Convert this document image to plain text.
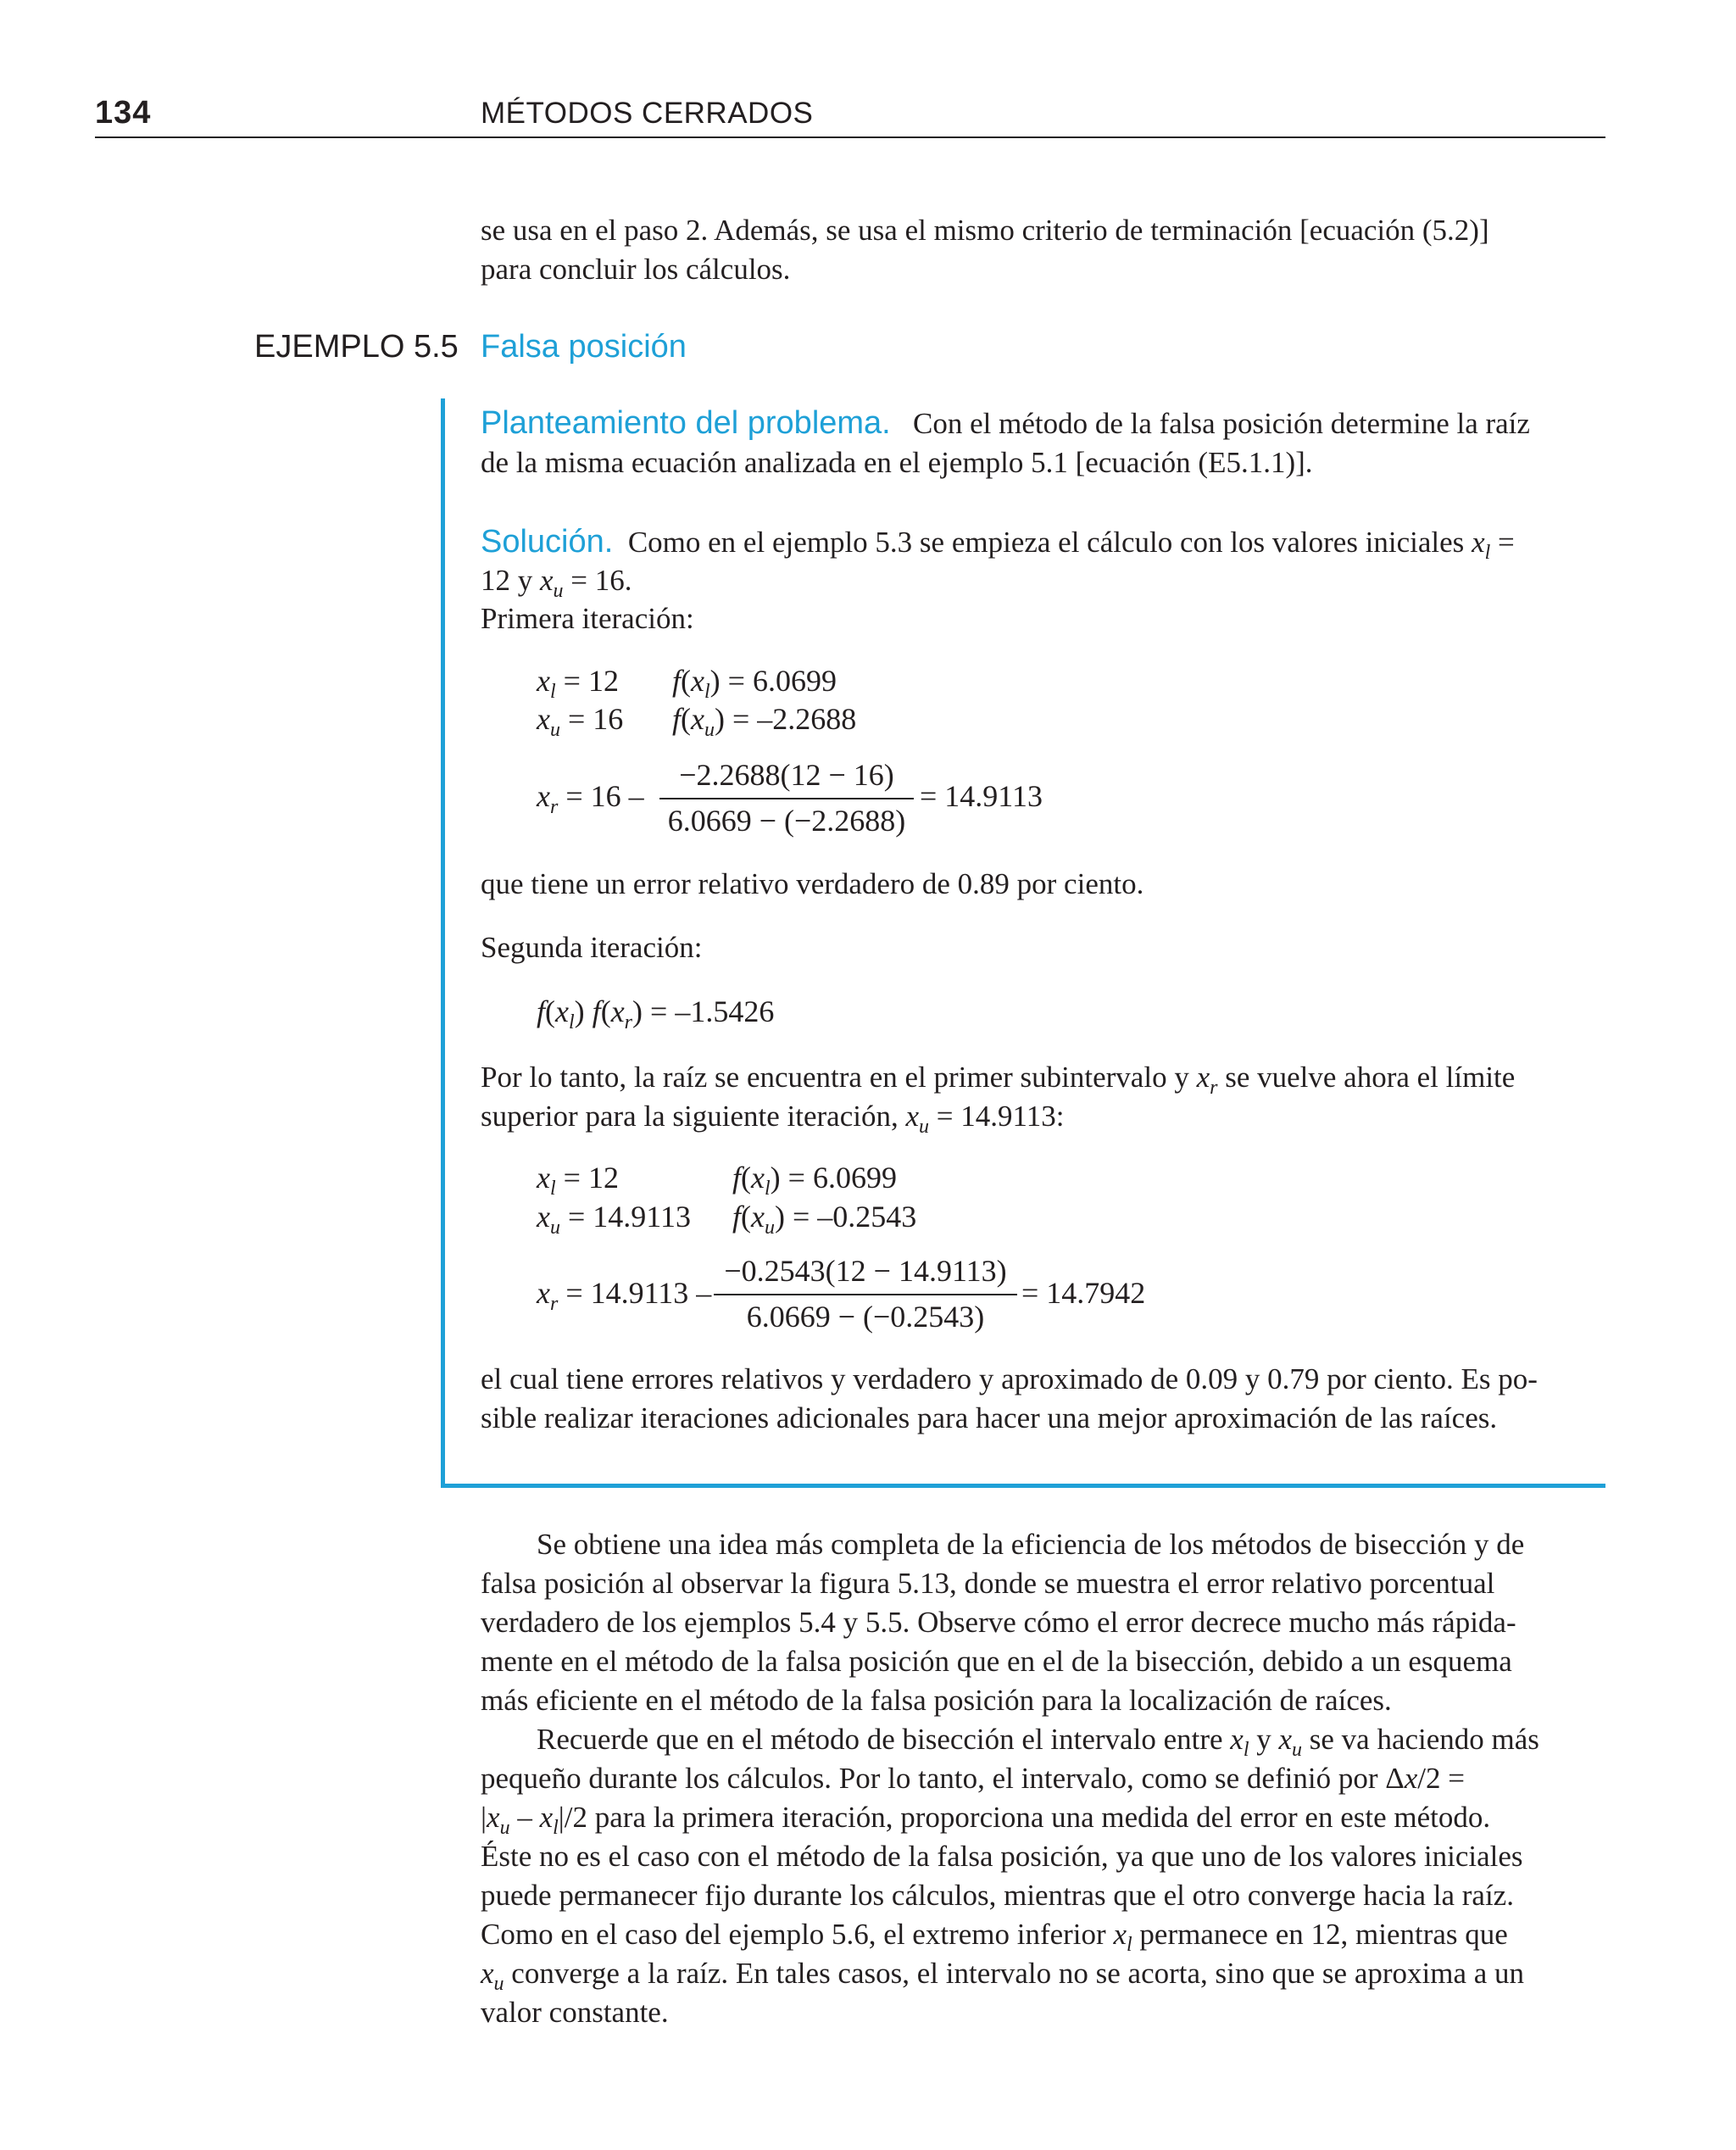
134	MÉTODOS CERRADOS
se usa en el paso 2. Además, se usa el mismo criterio de terminación [ecuación (5.2)]
para concluir los cálculos.
EJEMPLO 5.5 Falsa posición
Planteamiento del problema. Con el método de la falsa posición determine la raíz
de la misma ecuación analizada en el ejemplo 5.1 [ecuación (E5.1.1)].
Solución. Como en el ejemplo 5.3 se empieza el cálculo con los valores iniciales $x_l$ =
12 y $x_u = 16$.
Primera iteración:
$x_l = 12$ $f(x_l) = 6.0699$
$x_u = 16$ $f(x_u) = -2.2688$
$x_r = 16$ –
−2.2688(12 − 16)
6.0669 − (−2.2688)
= 14.9113
que tiene un error relativo verdadero de 0.89 por ciento.
Segunda iteración:
$f(x_l) f(x_r) = -1.5426$
Por lo tanto, la raíz se encuentra en el primer subintervalo y $x_r$ se vuelve ahora el límite
superior para la siguiente iteración, $x_u = 14.9113$:
$x_l = 12$	$f(x_l) = 6.0699$
$x_u = 14.9113$ $f(x_u) = -0.2543$
$x_r = 14.9113$ –
−0.2543(12 − 14.9113)
6.0669 − (−0.2543)
= 14.7942
el cual tiene errores relativos y verdadero y aproximado de 0.09 y 0.79 por ciento. Es po-
sible realizar iteraciones adicionales para hacer una mejor aproximación de las raíces.
Se obtiene una idea más completa de la eficiencia de los métodos de bisección y de
falsa posición al observar la figura 5.13, donde se muestra el error relativo porcentual
verdadero de los ejemplos 5.4 y 5.5. Observe cómo el error decrece mucho más rápida-
mente en el método de la falsa posición que en el de la bisección, debido a un esquema
más eficiente en el método de la falsa posición para la localización de raíces.
Recuerde que en el método de bisección el intervalo entre $x_l$ y $x_u$ se va haciendo más
pequeño durante los cálculos. Por lo tanto, el intervalo, como se definió por Δx/2 =
$|x_u - x_l|/2$ para la primera iteración, proporciona una medida del error en este método.
Éste no es el caso con el método de la falsa posición, ya que uno de los valores iniciales
puede permanecer fijo durante los cálculos, mientras que el otro converge hacia la raíz.
Como en el caso del ejemplo 5.6, el extremo inferior $x_l$ permanece en 12, mientras que
$x_u$ converge a la raíz. En tales casos, el intervalo no se acorta, sino que se aproxima a un
valor constante.
